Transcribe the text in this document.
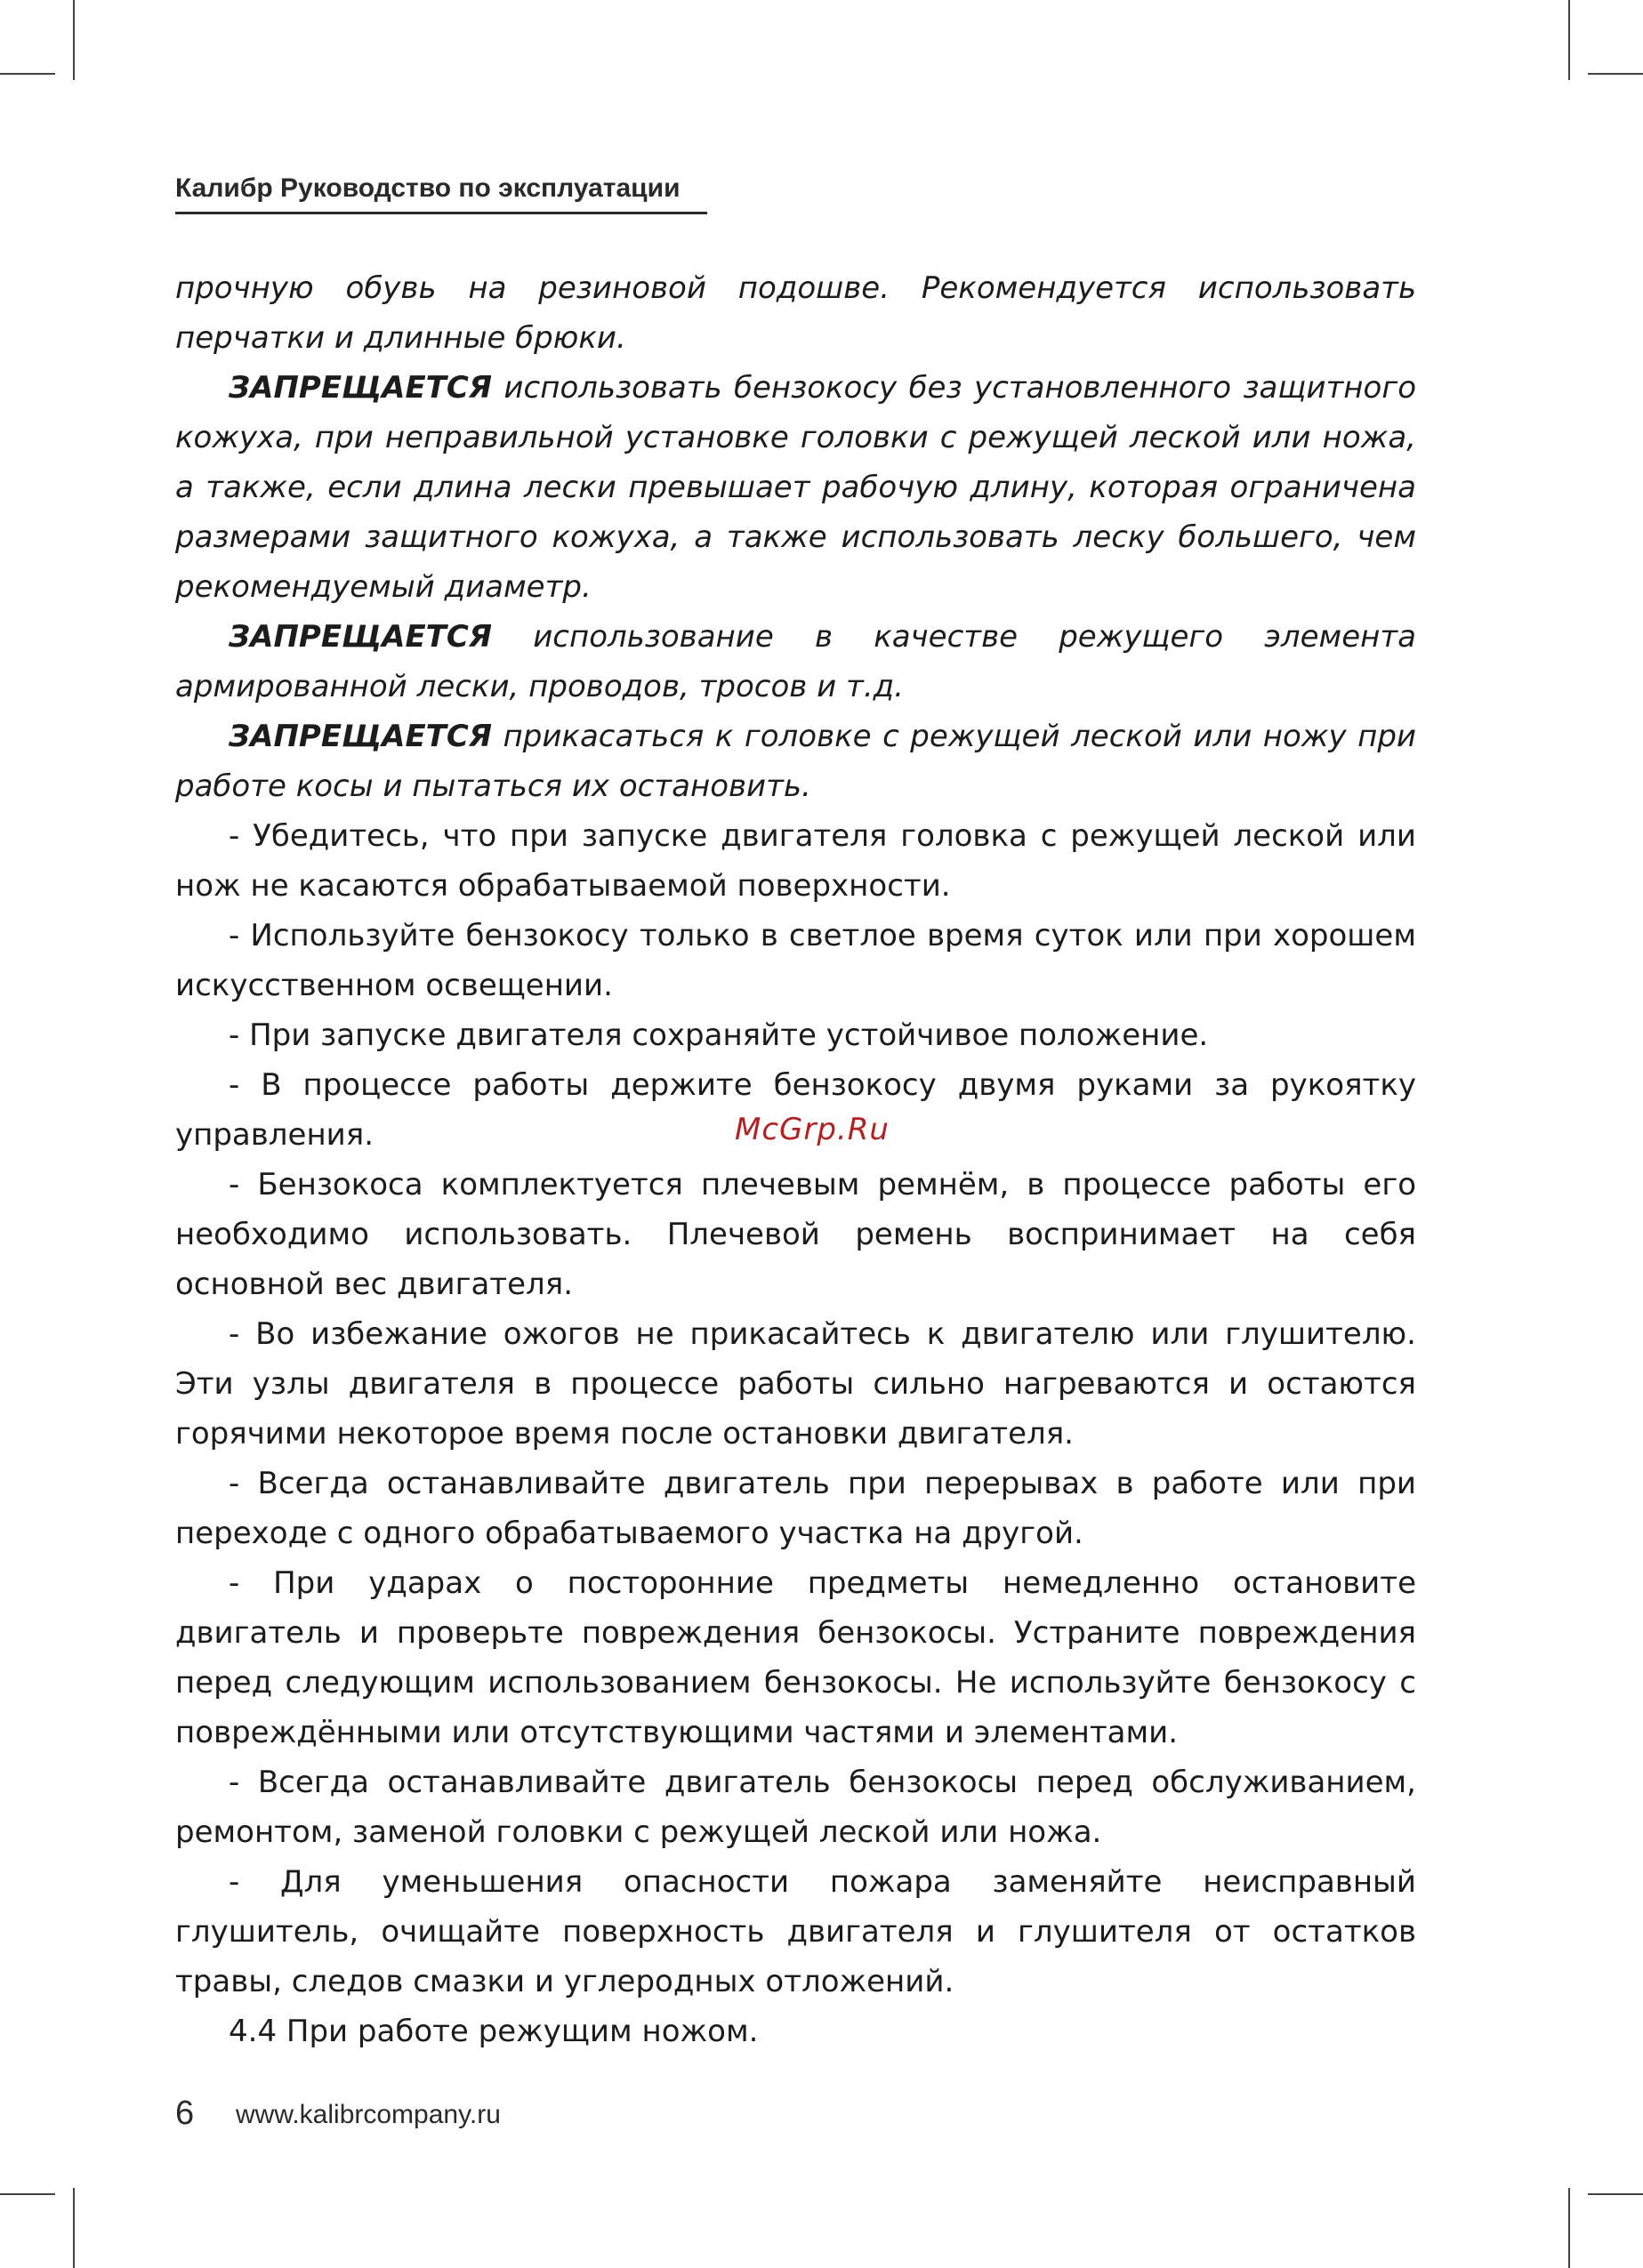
Калибр Руководство по эксплуатации

прочную обувь на резиновой подошве. Рекомендуется использовать перчатки и длинные брюки.

ЗАПРЕЩАЕТСЯ использовать бензокосу без установленного защитного кожуха, при неправильной установке головки с режущей леской или ножа, а также, если длина лески превышает рабочую длину, которая ограничена размерами защитного кожуха, а также использовать леску большего, чем рекомендуемый диаметр.

ЗАПРЕЩАЕТСЯ использование в качестве режущего элемента армированной лески, проводов, тросов и т.д.

ЗАПРЕЩАЕТСЯ прикасаться к головке с режущей леской или ножу при работе косы и пытаться их остановить.

- Убедитесь, что при запуске двигателя головка с режущей леской или нож не касаются обрабатываемой поверхности.

- Используйте бензокосу только в светлое время суток или при хорошем искусственном освещении.

- При запуске двигателя сохраняйте устойчивое положение.

- В процессе работы держите бензокосу двумя руками за рукоятку управления.

- Бензокоса комплектуется плечевым ремнём, в процессе работы его необходимо использовать. Плечевой ремень воспринимает на себя основной вес двигателя.

- Во избежание ожогов не прикасайтесь к двигателю или глушителю. Эти узлы двигателя в процессе работы сильно нагреваются и остаются горячими некоторое время после остановки двигателя.

- Всегда останавливайте двигатель при перерывах в работе или при переходе с одного обрабатываемого участка на другой.

- При ударах о посторонние предметы немедленно остановите двигатель и проверьте повреждения бензокосы. Устраните повреждения перед следующим использованием бензокосы. Не используйте бензокосу с повреждёнными или отсутствующими частями и элементами.

- Всегда останавливайте двигатель бензокосы перед обслуживанием, ремонтом, заменой головки с режущей леской или ножа.

- Для уменьшения опасности пожара заменяйте неисправный глушитель, очищайте поверхность двигателя и глушителя от остатков травы, следов смазки и углеродных отложений.

4.4 При работе режущим ножом.

McGrp.Ru
6 www.kalibrcompany.ru
